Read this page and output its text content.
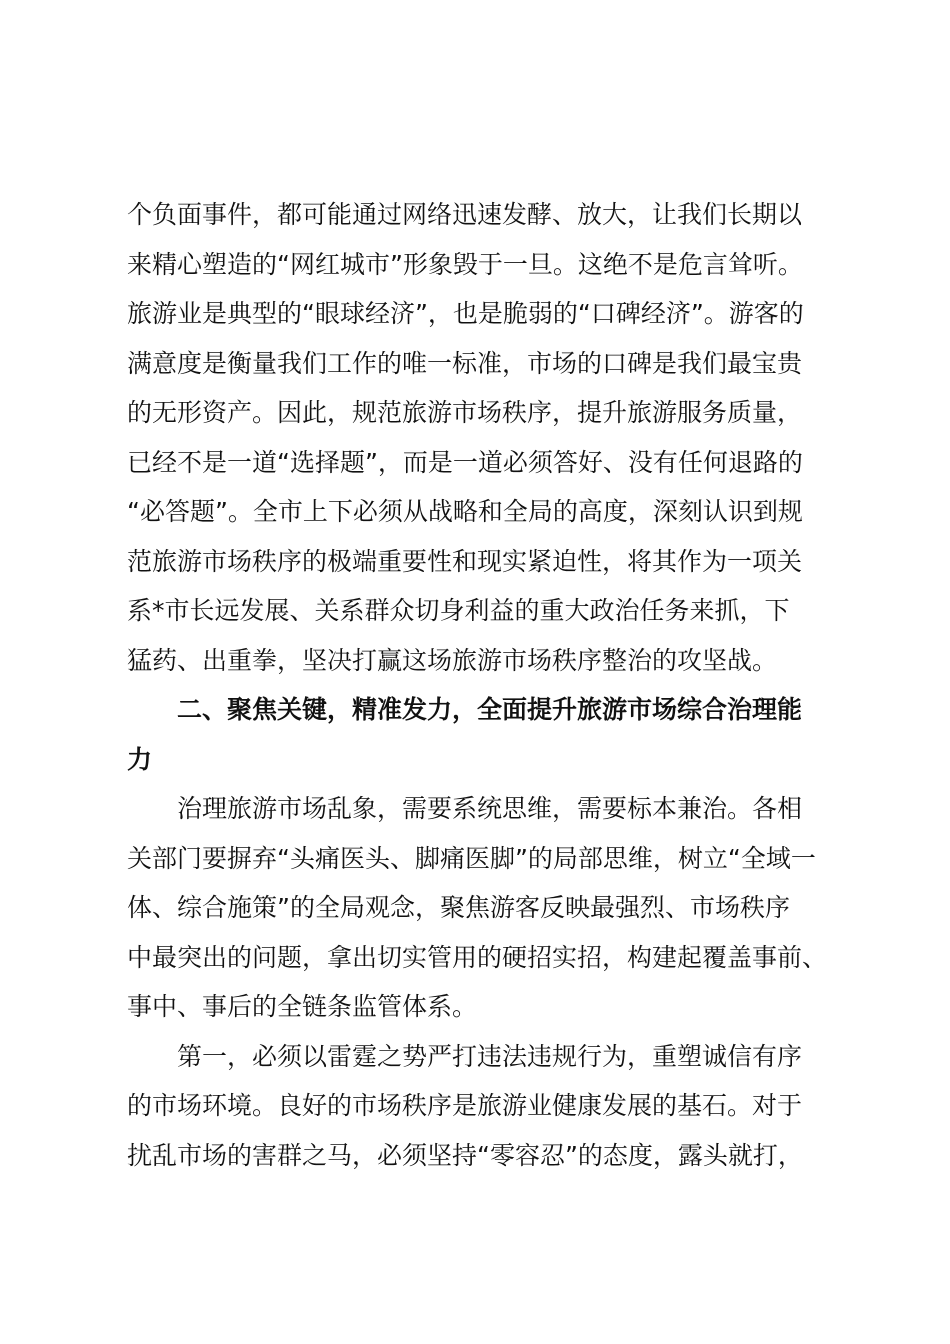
个负面事件，都可能通过网络迅速发酵、放大，让我们长期以
来精心塑造的“网红城市”形象毁于一旦。这绝不是危言耸听。
旅游业是典型的“眼球经济”，也是脆弱的“口碑经济”。游客的
满意度是衡量我们工作的唯一标准，市场的口碑是我们最宝贵
的无形资产。因此，规范旅游市场秩序，提升旅游服务质量，
已经不是一道“选择题”，而是一道必须答好、没有任何退路的
“必答题”。全市上下必须从战略和全局的高度，深刻认识到规
范旅游市场秩序的极端重要性和现实紧迫性，将其作为一项关
系*市长远发展、关系群众切身利益的重大政治任务来抓，下
猛药、出重拳，坚决打赢这场旅游市场秩序整治的攻坚战。
二、聚焦关键，精准发力，全面提升旅游市场综合治理能
力
治理旅游市场乱象，需要系统思维，需要标本兼治。各相
关部门要摒弃“头痛医头、脚痛医脚”的局部思维，树立“全域一
体、综合施策”的全局观念，聚焦游客反映最强烈、市场秩序
中最突出的问题，拿出切实管用的硬招实招，构建起覆盖事前、
事中、事后的全链条监管体系。
第一，必须以雷霆之势严打违法违规行为，重塑诚信有序
的市场环境。良好的市场秩序是旅游业健康发展的基石。对于
扰乱市场的害群之马，必须坚持“零容忍”的态度，露头就打，
